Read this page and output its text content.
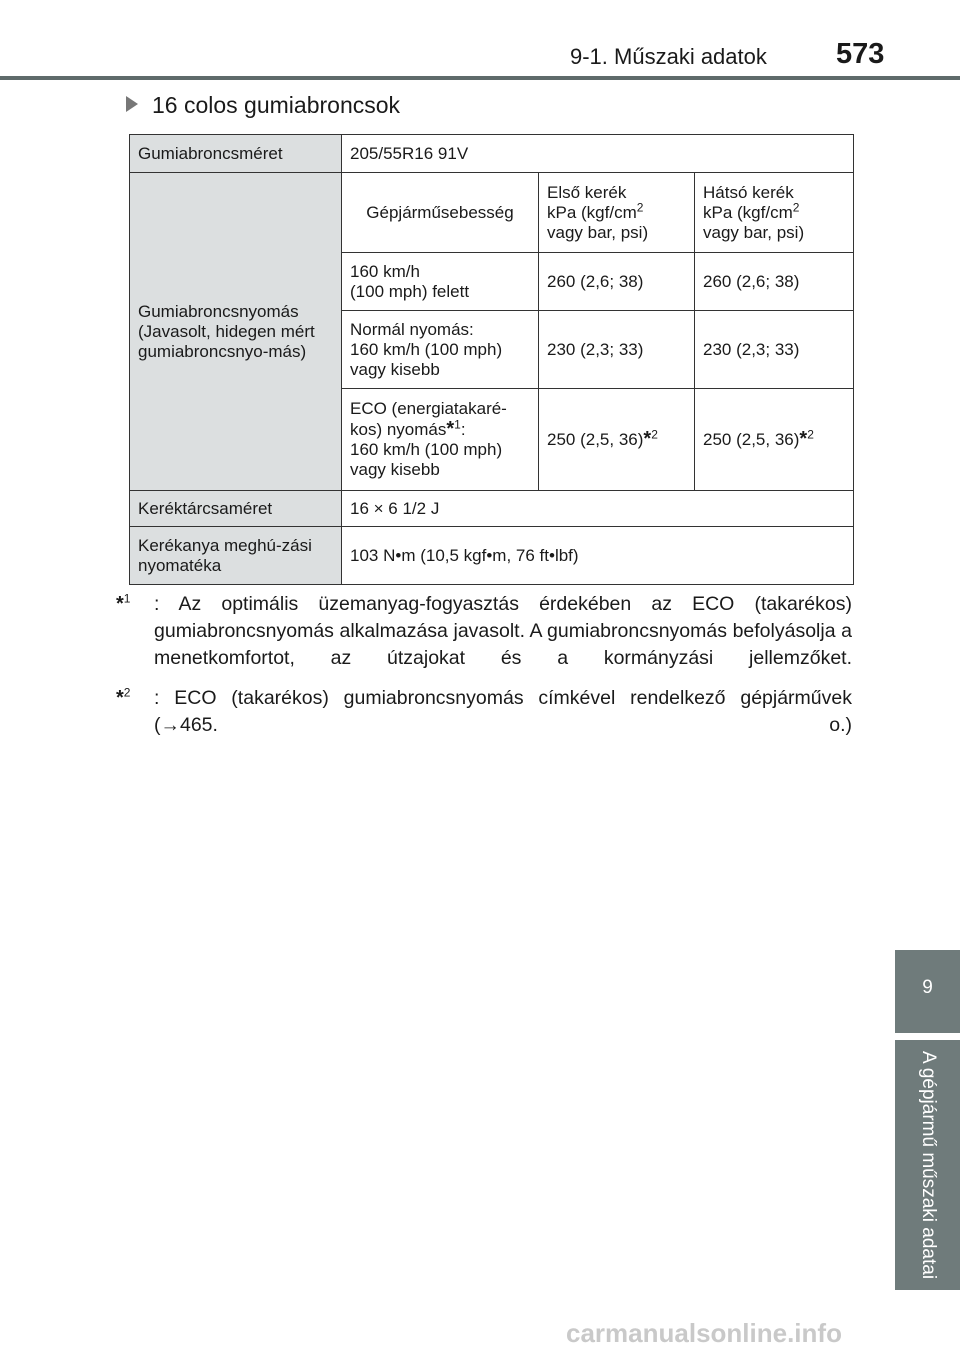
9-1. Műszaki adatok 573
16 colos gumiabroncsok
Gumiabroncsméret	205/55R16 91V		
Gumiabroncsnyomás (Javasolt, hidegen mért gumiabroncsnyo-más)	Gépjárműsebesség	Első kerék
kPa ($kgf/cm^2$
vagy bar, psi)	Hátsó kerék
kPa ($kgf/cm^2$
vagy bar, psi)
	160 km/h
(100 mph) felett	260 (2,6; 38)	260 (2,6; 38)
	Normál nyomás:
160 km/h (100 mph)
vagy kisebb	230 (2,3; 33)	230 (2,3; 33)
	ECO (energiatakaré-
kos) nyomás*$^1$:
160 km/h (100 mph)
vagy kisebb	250 (2,5, 36)*$^2$	250 (2,5, 36)*$^2$
Keréktárcsaméret	16 × 6 1/2 J		
Kerékanya meghú-zási nyomatéka	103 N•m (10,5 kgf•m, 76 ft•lbf)		
*$^1$ : Az optimális üzemanyag-fogyasztás érdekében az ECO (takarékos) gumiabroncsnyomás alkalmazása javasolt. A gumiabroncsnyomás befolyásolja a menetkomfortot, az útzajokat és a kormányzási jellemzőket.
*$^2$ : ECO (takarékos) gumiabroncsnyomás címkével rendelkező gépjárművek (→465. o.)
9
A gépjármű műszaki adatai
carmanualsonline.info
